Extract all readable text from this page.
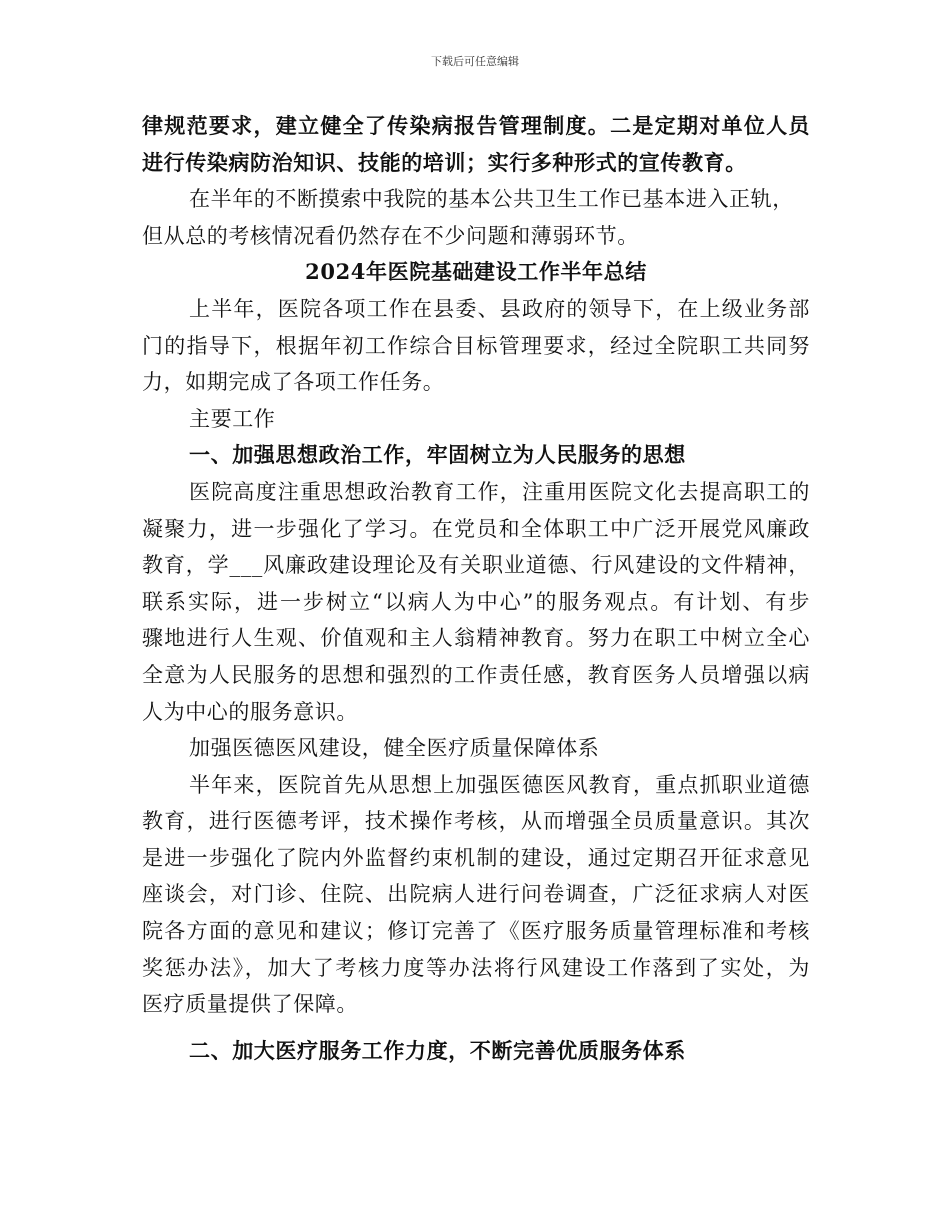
下载后可任意编辑
律规范要求，建立健全了传染病报告管理制度。二是定期对单位人员
进行传染病防治知识、技能的培训；实行多种形式的宣传教育。
在半年的不断摸索中我院的基本公共卫生工作已基本进入正轨，
但从总的考核情况看仍然存在不少问题和薄弱环节。
2024年医院基础建设工作半年总结
上半年，医院各项工作在县委、县政府的领导下，在上级业务部
门的指导下，根据年初工作综合目标管理要求，经过全院职工共同努
力，如期完成了各项工作任务。
主要工作
一、加强思想政治工作，牢固树立为人民服务的思想
医院高度注重思想政治教育工作，注重用医院文化去提高职工的
凝聚力，进一步强化了学习。在党员和全体职工中广泛开展党风廉政
教育，学___风廉政建设理论及有关职业道德、行风建设的文件精神，
联系实际，进一步树立“以病人为中心”的服务观点。有计划、有步
骤地进行人生观、价值观和主人翁精神教育。努力在职工中树立全心
全意为人民服务的思想和强烈的工作责任感，教育医务人员增强以病
人为中心的服务意识。
加强医德医风建设，健全医疗质量保障体系
半年来，医院首先从思想上加强医德医风教育，重点抓职业道德
教育，进行医德考评，技术操作考核，从而增强全员质量意识。其次
是进一步强化了院内外监督约束机制的建设，通过定期召开征求意见
座谈会，对门诊、住院、出院病人进行问卷调查，广泛征求病人对医
院各方面的意见和建议；修订完善了《医疗服务质量管理标准和考核
奖惩办法》，加大了考核力度等办法将行风建设工作落到了实处，为
医疗质量提供了保障。
二、加大医疗服务工作力度，不断完善优质服务体系
